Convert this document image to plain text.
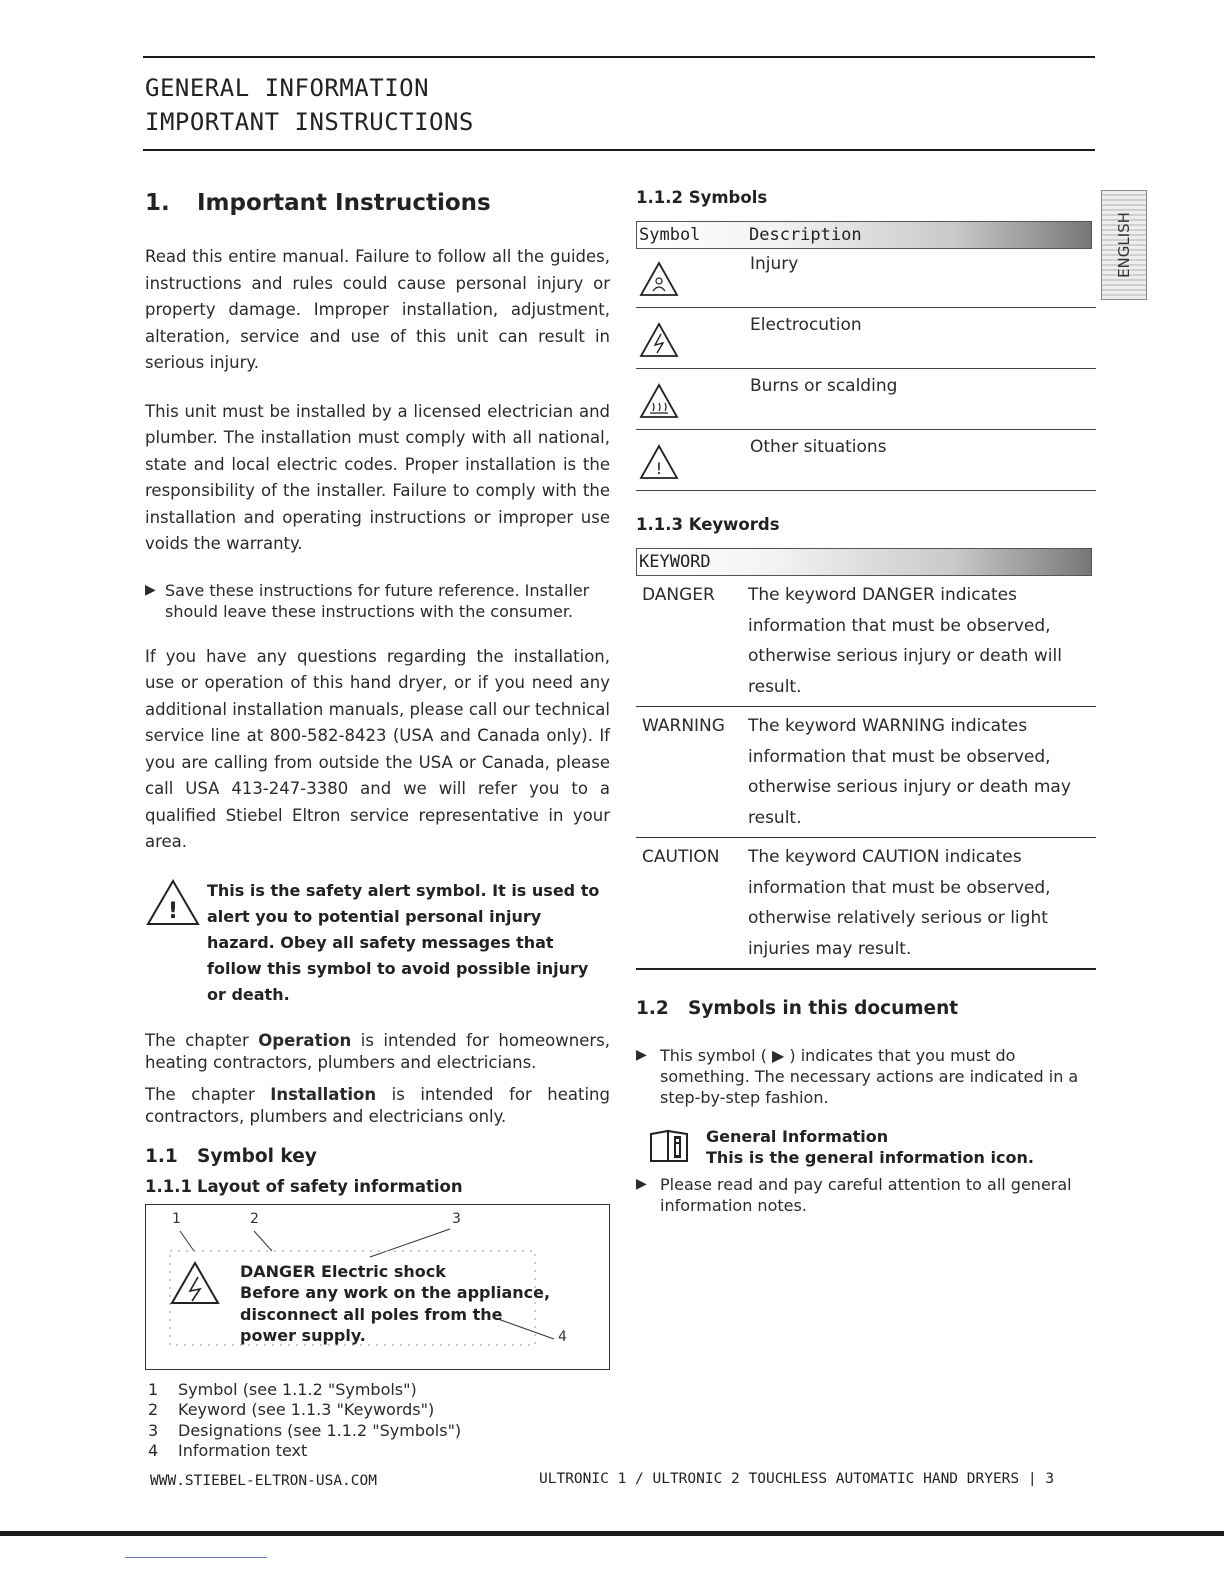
GENERAL INFORMATION
IMPORTANT INSTRUCTIONS
ENGLISH
1. Important Instructions

Read this entire manual. Failure to follow all the guides, instructions and rules could cause personal injury or property damage. Improper installation, adjustment, alteration, service and use of this unit can result in serious injury.

This unit must be installed by a licensed electrician and plumber. The installation must comply with all national, state and local electric codes. Proper installation is the responsibility of the installer. Failure to comply with the installation and operating instructions or improper use voids the warranty.

▶ Save these instructions for future reference. Installer should leave these instructions with the consumer.

If you have any questions regarding the installation, use or operation of this hand dryer, or if you need any additional installation manuals, please call our technical service line at 800-582-8423 (USA and Canada only). If you are calling from outside the USA or Canada, please call USA 413-247-3380 and we will refer you to a qualified Stiebel Eltron service representative in your area.

!
This is the safety alert symbol. It is used to alert you to potential personal injury hazard. Obey all safety messages that follow this symbol to avoid possible injury or death.

The chapter Operation is intended for homeowners, heating contractors, plumbers and electricians.

The chapter Installation is intended for heating contractors, plumbers and electricians only.

1.1 Symbol key
1.1.1 Layout of safety information
1	2	3
4
DANGER Electric shock
Before any work on the appliance,
disconnect all poles from the
power supply.
1 Symbol (see 1.1.2 "Symbols")
2 Keyword (see 1.1.3 "Keywords")
3 Designations (see 1.1.2 "Symbols")
4 Information text
1.1.2 Symbols
Symbol	Description
Injury
Electrocution
Burns or scalding
!
Other situations
1.1.3 Keywords
KEYWORD
DANGER The keyword DANGER indicates information that must be observed, otherwise serious injury or death will result.
WARNING The keyword WARNING indicates information that must be observed, otherwise serious injury or death may result.
CAUTION The keyword CAUTION indicates information that must be observed, otherwise relatively serious or light injuries may result.
1.2 Symbols in this document
▶ This symbol ( ▶ ) indicates that you must do something. The necessary actions are indicated in a step-by-step fashion.
General Information
This is the general information icon.
▶ Please read and pay careful attention to all general information notes.
WWW.STIEBEL-ELTRON-USA.COM	ULTRONIC 1 / ULTRONIC 2 TOUCHLESS AUTOMATIC HAND DRYERS | 3
